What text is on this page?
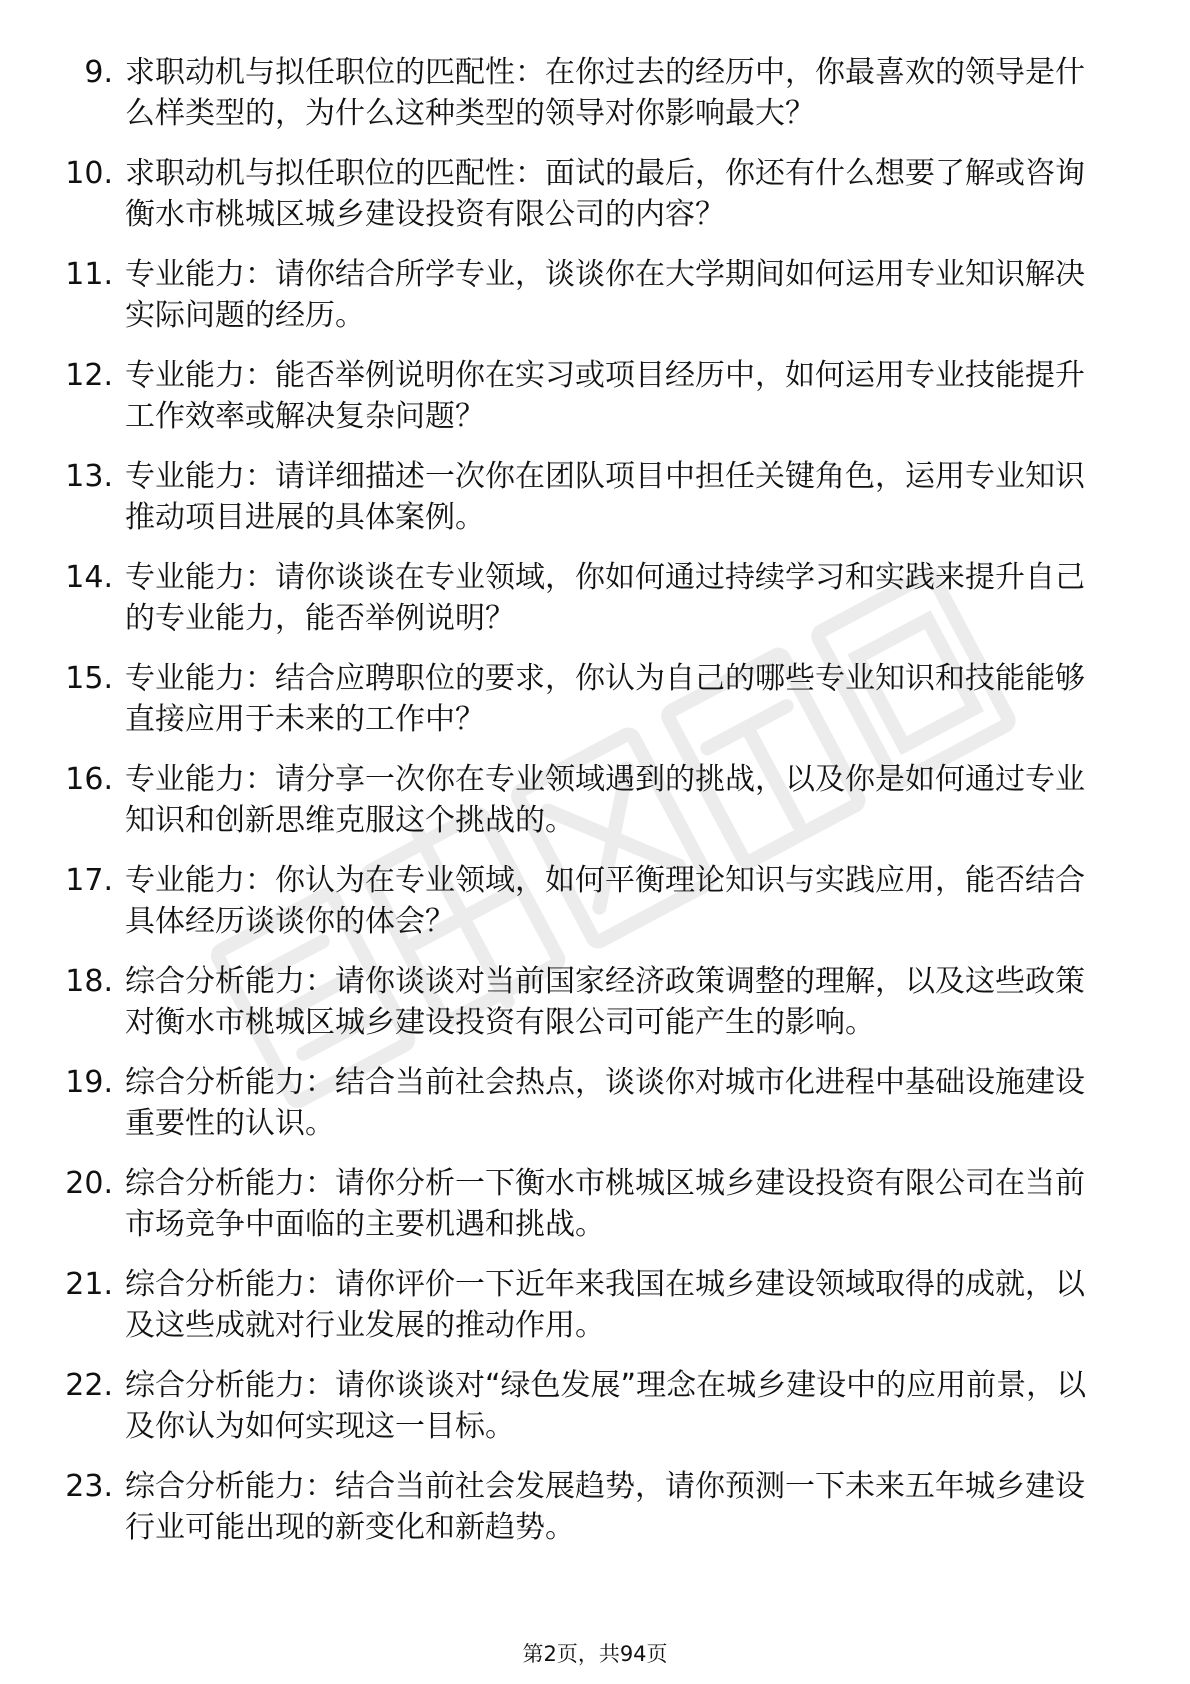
9. 求职动机与拟任职位的匹配性：在你过去的经历中，你最喜欢的领导是什么样类型的，为什么这种类型的领导对你影响最大？
10. 求职动机与拟任职位的匹配性：面试的最后，你还有什么想要了解或咨询衡水市桃城区城乡建设投资有限公司的内容？
11. 专业能力：请你结合所学专业，谈谈你在大学期间如何运用专业知识解决实际问题的经历。
12. 专业能力：能否举例说明你在实习或项目经历中，如何运用专业技能提升工作效率或解决复杂问题？
13. 专业能力：请详细描述一次你在团队项目中担任关键角色，运用专业知识推动项目进展的具体案例。
14. 专业能力：请你谈谈在专业领域，你如何通过持续学习和实践来提升自己的专业能力，能否举例说明？
15. 专业能力：结合应聘职位的要求，你认为自己的哪些专业知识和技能能够直接应用于未来的工作中？
16. 专业能力：请分享一次你在专业领域遇到的挑战，以及你是如何通过专业知识和创新思维克服这个挑战的。
17. 专业能力：你认为在专业领域，如何平衡理论知识与实践应用，能否结合具体经历谈谈你的体会？
18. 综合分析能力：请你谈谈对当前国家经济政策调整的理解，以及这些政策对衡水市桃城区城乡建设投资有限公司可能产生的影响。
19. 综合分析能力：结合当前社会热点，谈谈你对城市化进程中基础设施建设重要性的认识。
20. 综合分析能力：请你分析一下衡水市桃城区城乡建设投资有限公司在当前市场竞争中面临的主要机遇和挑战。
21. 综合分析能力：请你评价一下近年来我国在城乡建设领域取得的成就，以及这些成就对行业发展的推动作用。
22. 综合分析能力：请你谈谈对“绿色发展”理念在城乡建设中的应用前景，以及你认为如何实现这一目标。
23. 综合分析能力：结合当前社会发展趋势，请你预测一下未来五年城乡建设行业可能出现的新变化和新趋势。
第2页，共94页
